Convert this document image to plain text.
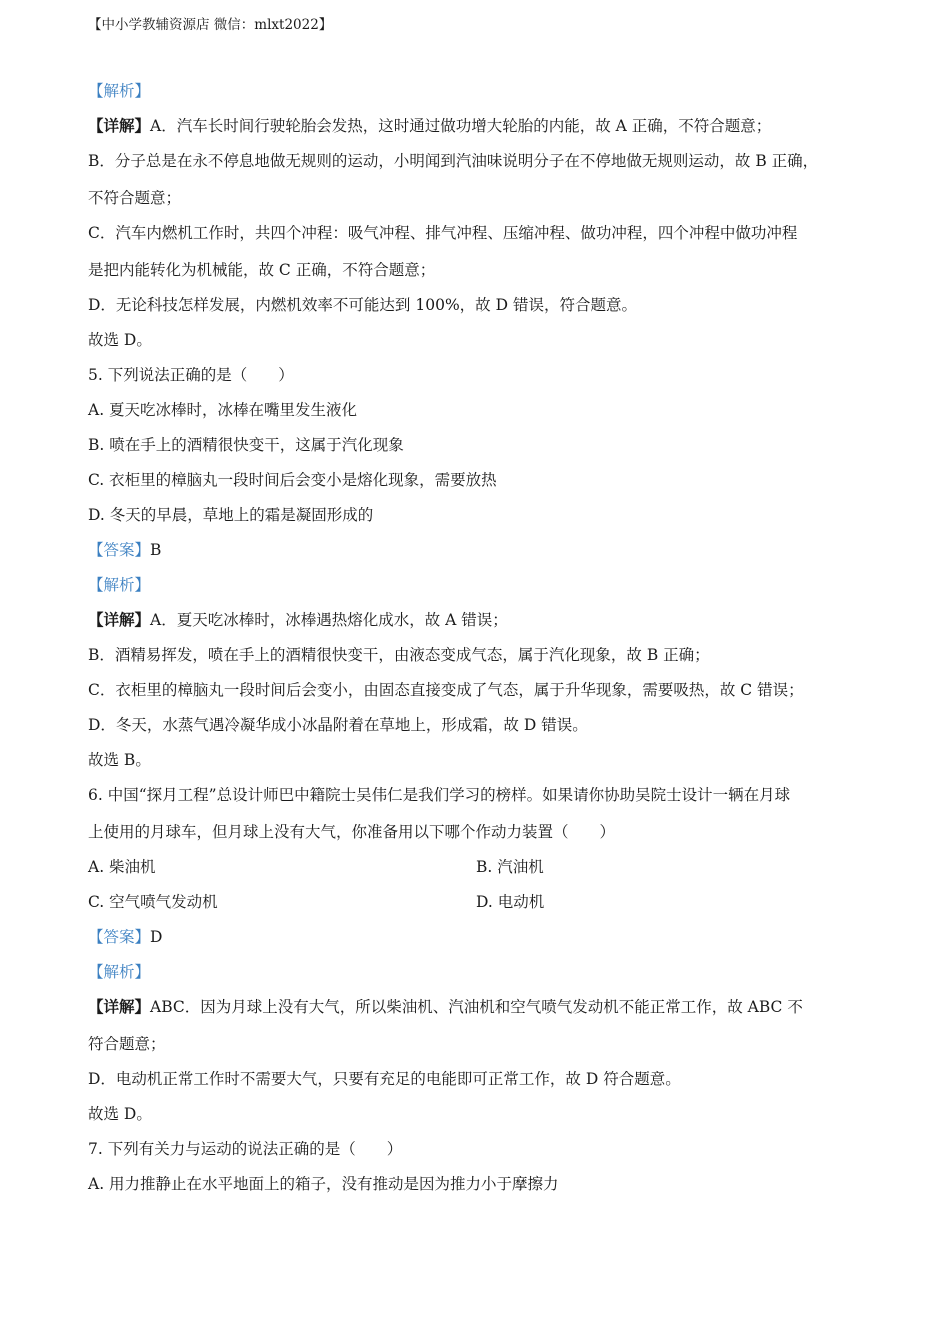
【中小学教辅资源店 微信：mlxt2022】
【解析】
【详解】A．汽车长时间行驶轮胎会发热，这时通过做功增大轮胎的内能，故 A 正确，不符合题意；
B．分子总是在永不停息地做无规则的运动，小明闻到汽油味说明分子在不停地做无规则运动，故 B 正确，
不符合题意；
C．汽车内燃机工作时，共四个冲程：吸气冲程、排气冲程、压缩冲程、做功冲程，四个冲程中做功冲程
是把内能转化为机械能，故 C 正确，不符合题意；
D．无论科技怎样发展，内燃机效率不可能达到 100%，故 D 错误，符合题意。
故选 D。
5. 下列说法正确的是（　　）
A. 夏天吃冰棒时，冰棒在嘴里发生液化
B. 喷在手上的酒精很快变干，这属于汽化现象
C. 衣柜里的樟脑丸一段时间后会变小是熔化现象，需要放热
D. 冬天的早晨，草地上的霜是凝固形成的
【答案】B
【解析】
【详解】A．夏天吃冰棒时，冰棒遇热熔化成水，故 A 错误；
B．酒精易挥发，喷在手上的酒精很快变干，由液态变成气态，属于汽化现象，故 B 正确；
C．衣柜里的樟脑丸一段时间后会变小，由固态直接变成了气态，属于升华现象，需要吸热，故 C 错误；
D．冬天，水蒸气遇冷凝华成小冰晶附着在草地上，形成霜，故 D 错误。
故选 B。
6. 中国“探月工程”总设计师巴中籍院士吴伟仁是我们学习的榜样。如果请你协助吴院士设计一辆在月球
上使用的月球车，但月球上没有大气，你准备用以下哪个作动力装置（　　）
A. 柴油机	B. 汽油机
C. 空气喷气发动机	D. 电动机
【答案】D
【解析】
【详解】ABC．因为月球上没有大气，所以柴油机、汽油机和空气喷气发动机不能正常工作，故 ABC 不
符合题意；
D．电动机正常工作时不需要大气，只要有充足的电能即可正常工作，故 D 符合题意。
故选 D。
7. 下列有关力与运动的说法正确的是（　　）
A. 用力推静止在水平地面上的箱子，没有推动是因为推力小于摩擦力
